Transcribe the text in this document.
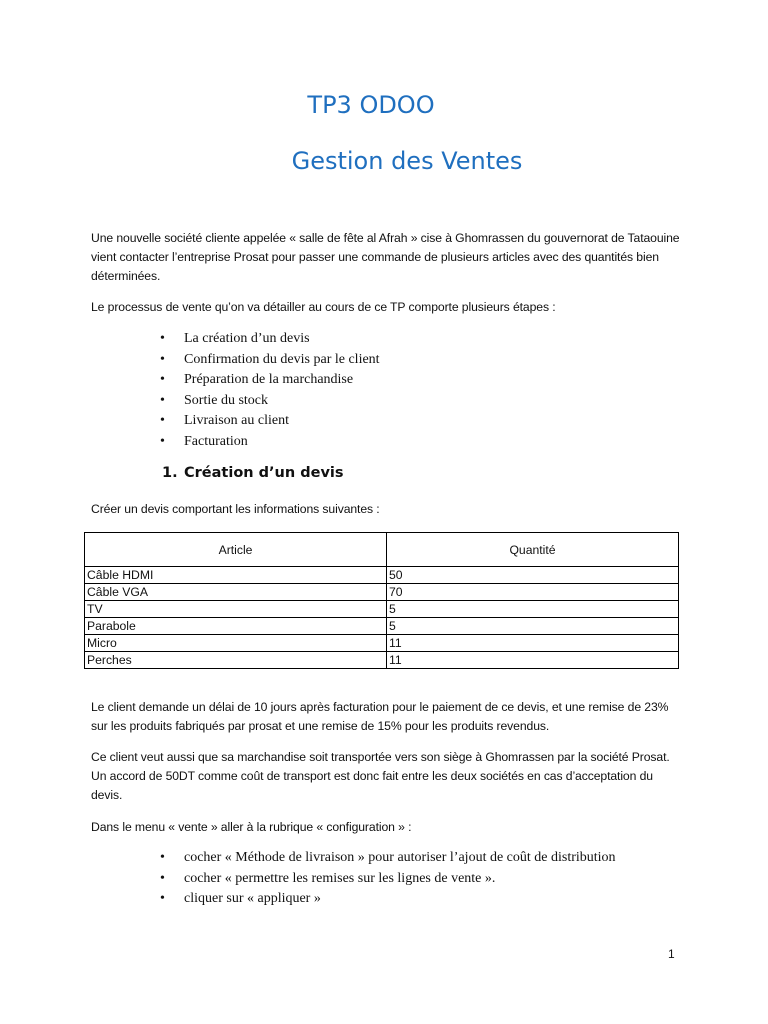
TP3 ODOO
Gestion des Ventes

Une nouvelle société cliente appelée « salle de fête al Afrah » cise à Ghomrassen du gouvernorat de Tataouine vient contacter l’entreprise Prosat pour passer une commande de plusieurs articles avec des quantités bien déterminées.

Le processus de vente qu’on va détailler au cours de ce TP comporte plusieurs étapes :

• La création d’un devis
• Confirmation du devis par le client
• Préparation de la marchandise
• Sortie du stock
• Livraison au client
• Facturation
1. Création d’un devis

Créer un devis comportant les informations suivantes :

Article	Quantité
Câble HDMI	50
Câble VGA	70
TV	5
Parabole	5
Micro	11
Perches	11

Le client demande un délai de 10 jours après facturation pour le paiement de ce devis, et une remise de 23% sur les produits fabriqués par prosat et une remise de 15% pour les produits revendus.

Ce client veut aussi que sa marchandise soit transportée vers son siège à Ghomrassen par la société Prosat. Un accord de 50DT comme coût de transport est donc fait entre les deux sociétés en cas d’acceptation du devis.

Dans le menu « vente » aller à la rubrique « configuration » :

• cocher « Méthode de livraison » pour autoriser l’ajout de coût de distribution
• cocher « permettre les remises sur les lignes de vente ».
• cliquer sur « appliquer »

1
